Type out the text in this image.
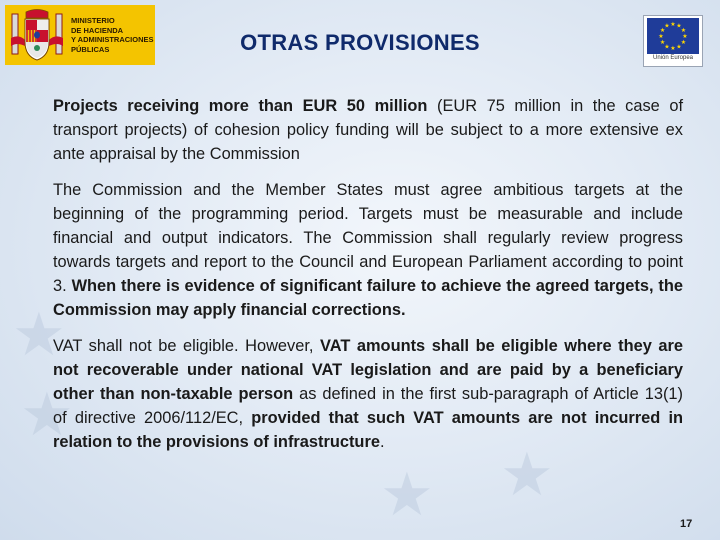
★
★
★
★
MINISTERIO
DE HACIENDA
Y ADMINISTRACIONES
PÚBLICAS	OTRAS PROVISIONES
★ ★
★
★
★
★
★
★
★
★
★
★
Unión Europea

Projects receiving more than EUR 50 million (EUR 75 million in the case of transport projects) of cohesion policy funding will be subject to a more extensive ex ante appraisal by the Commission

The Commission and the Member States must agree ambitious targets at the beginning of the programming period. Targets must be measurable and include financial and output indicators. The Commission shall regularly review progress towards targets and report to the Council and European Parliament according to point 3. When there is evidence of significant failure to achieve the agreed targets, the Commission may apply financial corrections.

VAT shall not be eligible. However, VAT amounts shall be eligible where they are not recoverable under national VAT legislation and are paid by a beneficiary other than non-taxable person as defined in the first sub-paragraph of Article 13(1) of directive 2006/112/EC, provided that such VAT amounts are not incurred in relation to the provisions of infrastructure.

17
